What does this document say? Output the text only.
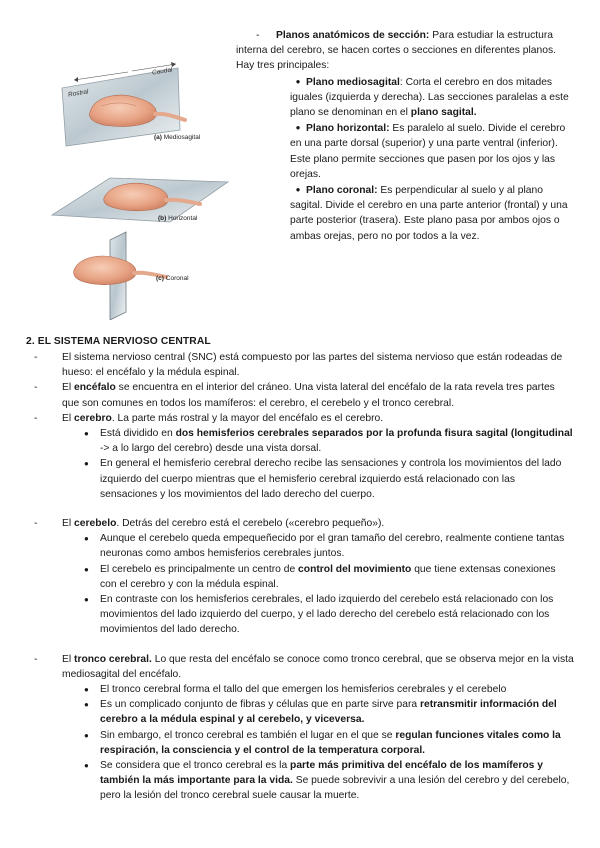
Rostral
Caudal
(a) Mediosagital
(b) Horizontal
(c) Coronal

- Planos anatómicos de sección: Para estudiar la estructura interna del cerebro, se hacen cortes o secciones en diferentes planos. Hay tres principales:

● Plano mediosagital: Corta el cerebro en dos mitades iguales (izquierda y derecha). Las secciones paralelas a este plano se denominan en el plano sagital.

● Plano horizontal: Es paralelo al suelo. Divide el cerebro en una parte dorsal (superior) y una parte ventral (inferior). Este plano permite secciones que pasen por los ojos y las orejas.

● Plano coronal: Es perpendicular al suelo y al plano sagital. Divide el cerebro en una parte anterior (frontal) y una parte posterior (trasera). Este plano pasa por ambos ojos o ambas orejas, pero no por todos a la vez.

2. EL SISTEMA NERVIOSO CENTRAL

- El sistema nervioso central (SNC) está compuesto por las partes del sistema nervioso que están rodeadas de hueso: el encéfalo y la médula espinal.

- El encéfalo se encuentra en el interior del cráneo. Una vista lateral del encéfalo de la rata revela tres partes que son comunes en todos los mamíferos: el cerebro, el cerebelo y el tronco cerebral.

- El cerebro. La parte más rostral y la mayor del encéfalo es el cerebro.

● Está dividido en dos hemisferios cerebrales separados por la profunda fisura sagital (longitudinal -> a lo largo del cerebro) desde una vista dorsal.

● En general el hemisferio cerebral derecho recibe las sensaciones y controla los movimientos del lado izquierdo del cuerpo mientras que el hemisferio cerebral izquierdo está relacionado con las sensaciones y los movimientos del lado derecho del cuerpo.

- El cerebelo. Detrás del cerebro está el cerebelo («cerebro pequeño»).

● Aunque el cerebelo queda empequeñecido por el gran tamaño del cerebro, realmente contiene tantas neuronas como ambos hemisferios cerebrales juntos.

● El cerebelo es principalmente un centro de control del movimiento que tiene extensas conexiones con el cerebro y con la médula espinal.

● En contraste con los hemisferios cerebrales, el lado izquierdo del cerebelo está relacionado con los movimientos del lado izquierdo del cuerpo, y el lado derecho del cerebelo está relacionado con los movimientos del lado derecho.

- El tronco cerebral. Lo que resta del encéfalo se conoce como tronco cerebral, que se observa mejor en la vista mediosagital del encéfalo.

● El tronco cerebral forma el tallo del que emergen los hemisferios cerebrales y el cerebelo

● Es un complicado conjunto de fibras y células que en parte sirve para retransmitir información del cerebro a la médula espinal y al cerebelo, y viceversa.

● Sin embargo, el tronco cerebral es también el lugar en el que se regulan funciones vitales como la respiración, la consciencia y el control de la temperatura corporal.

● Se considera que el tronco cerebral es la parte más primitiva del encéfalo de los mamíferos y también la más importante para la vida. Se puede sobrevivir a una lesión del cerebro y del cerebelo, pero la lesión del tronco cerebral suele causar la muerte.
